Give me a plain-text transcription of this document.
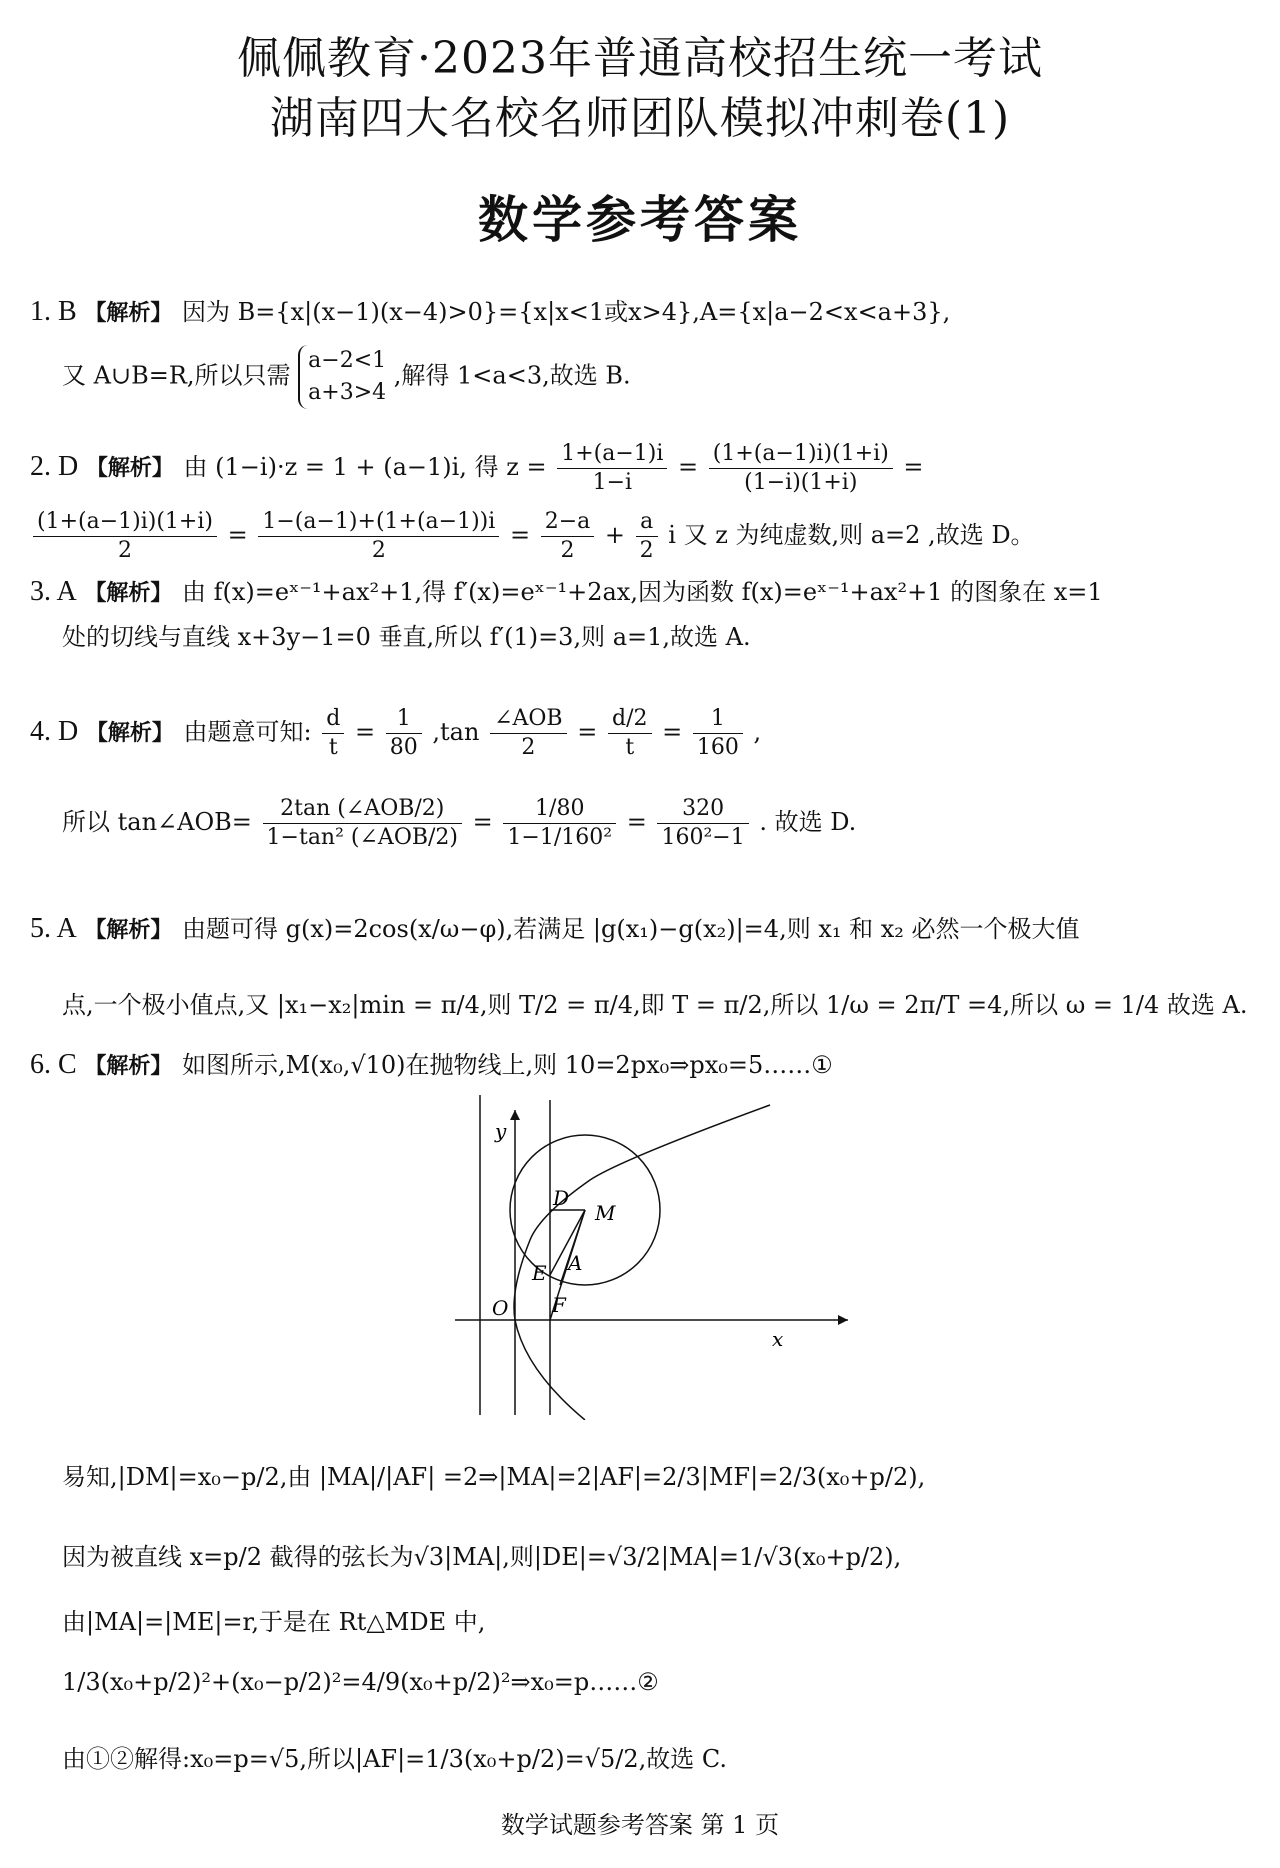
佩佩教育·2023年普通高校招生统一考试
湖南四大名校名师团队模拟冲刺卷(1)
数学参考答案
1. B 【解析】 因为 B={x|(x−1)(x−4)>0}={x|x<1或x>4},A={x|a−2<x<a+3},
又 A∪B=R,所以只需
a−2<1
a+3>4
,解得 1<a<3,故选 B.
2. D 【解析】 由 (1−i)·z = 1 + (a−1)i, 得 $z = \frac{1+(a-1)i}{1-i} = \frac{(1+(a-1)i)(1+i)}{(1-i)(1+i)}$ =
$\frac{(1+(a-1)i)(1+i)}{2} = \frac{1-(a-1)+(1+(a-1))i}{2} = \frac{2-a}{2} + \frac{a}{2}$ i 又 z 为纯虚数,则 a=2 ,故选 D。
3. A 【解析】 由 f(x)=eˣ⁻¹+ax²+1,得 f′(x)=eˣ⁻¹+2ax,因为函数 f(x)=eˣ⁻¹+ax²+1 的图象在 x=1
处的切线与直线 x+3y−1=0 垂直,所以 f′(1)=3,则 a=1,故选 A.
4. D 【解析】 由题意可知: $\frac{d}{t} = \frac{1}{80} ,\tan \frac{\text{∠AOB}}{2} = \frac{d/2}{t} = \frac{1}{160}$ ,
所以 tan∠AOB= $\frac{\text{2tan (∠AOB/2)}}{\text{1−tan² (∠AOB/2)}} = \frac{1/80}{\text{1−1/160²}} = \frac{320}{\text{160²−1}}$ . 故选 D.
5. A 【解析】 由题可得 g(x)=2cos(x/ω−φ),若满足 |g(x₁)−g(x₂)|=4,则 x₁ 和 x₂ 必然一个极大值
点,一个极小值点,又 |x₁−x₂|min = π/4,则 T/2 = π/4,即 T = π/2,所以 1/ω = 2π/T =4,所以 ω = 1/4 故选 A.
6. C 【解析】 如图所示,M(x₀,√10)在抛物线上,则 10=2px₀⇒px₀=5……①
y
x
O
D
M
E A
F
易知,|DM|=x₀−p/2,由 |MA|/|AF| =2⇒|MA|=2|AF|=2/3|MF|=2/3(x₀+p/2),
因为被直线 x=p/2 截得的弦长为√3|MA|,则|DE|=√3/2|MA|=1/√3(x₀+p/2),
由|MA|=|ME|=r,于是在 Rt△MDE 中,
1/3(x₀+p/2)²+(x₀−p/2)²=4/9(x₀+p/2)²⇒x₀=p……②
由①②解得:x₀=p=√5,所以|AF|=1/3(x₀+p/2)=√5/2,故选 C.
数学试题参考答案 第 1 页
